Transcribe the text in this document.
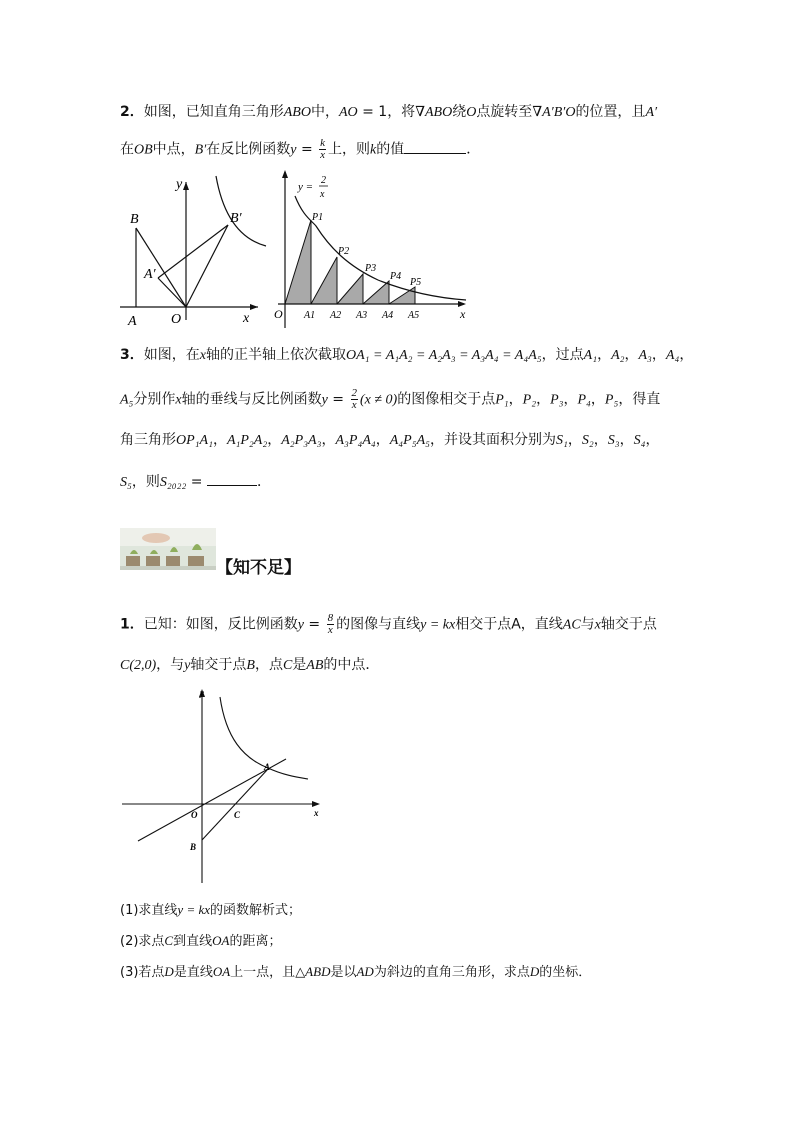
2．如图，已知直角三角形ABO中，AO = 1，将∇ABO绕O点旋转至∇A′B′O的位置，且A′
在OB中点，B′在反比例函数$y = \frac{k}{x}$ 上，则k的值	．
y
x
A
B
O
A′
B′
y =
2
x
O	x
P1
P2
P3
P4
P5
A1 A2 A3 A4 A5
3．如图，在x轴的正半轴上依次截取OA₁ = A₁A₂ = A₂A₃ = A₃A₄ = A₄A₅，过点A₁，A₂，A₃，A₄，
A₅分别作x轴的垂线与反比例函数$y = \frac{2}{x} (x \ne 0)$的图像相交于点P₁，P₂，P₃，P₄，P₅，得直
角三角形OP₁A₁，A₁P₂A₂，A₂P₃A₃，A₃P₄A₄，A₄P₅A₅，并设其面积分别为S₁，S₂，S₃，S₄，
S₅，则S₂₀₂₂ =	．
【知不足】
1．已知：如图，反比例函数$y = \frac{8}{x}$ 的图像与直线y = kx相交于点A，直线AC与x轴交于点
C(2,0)，与y轴交于点B，点C是AB的中点．
y
x
O
A
B
C
(1)求直线y = kx的函数解析式；
(2)求点C到直线OA的距离；
(3)若点D是直线OA上一点，且△ABD是以AD为斜边的直角三角形，求点D的坐标．
